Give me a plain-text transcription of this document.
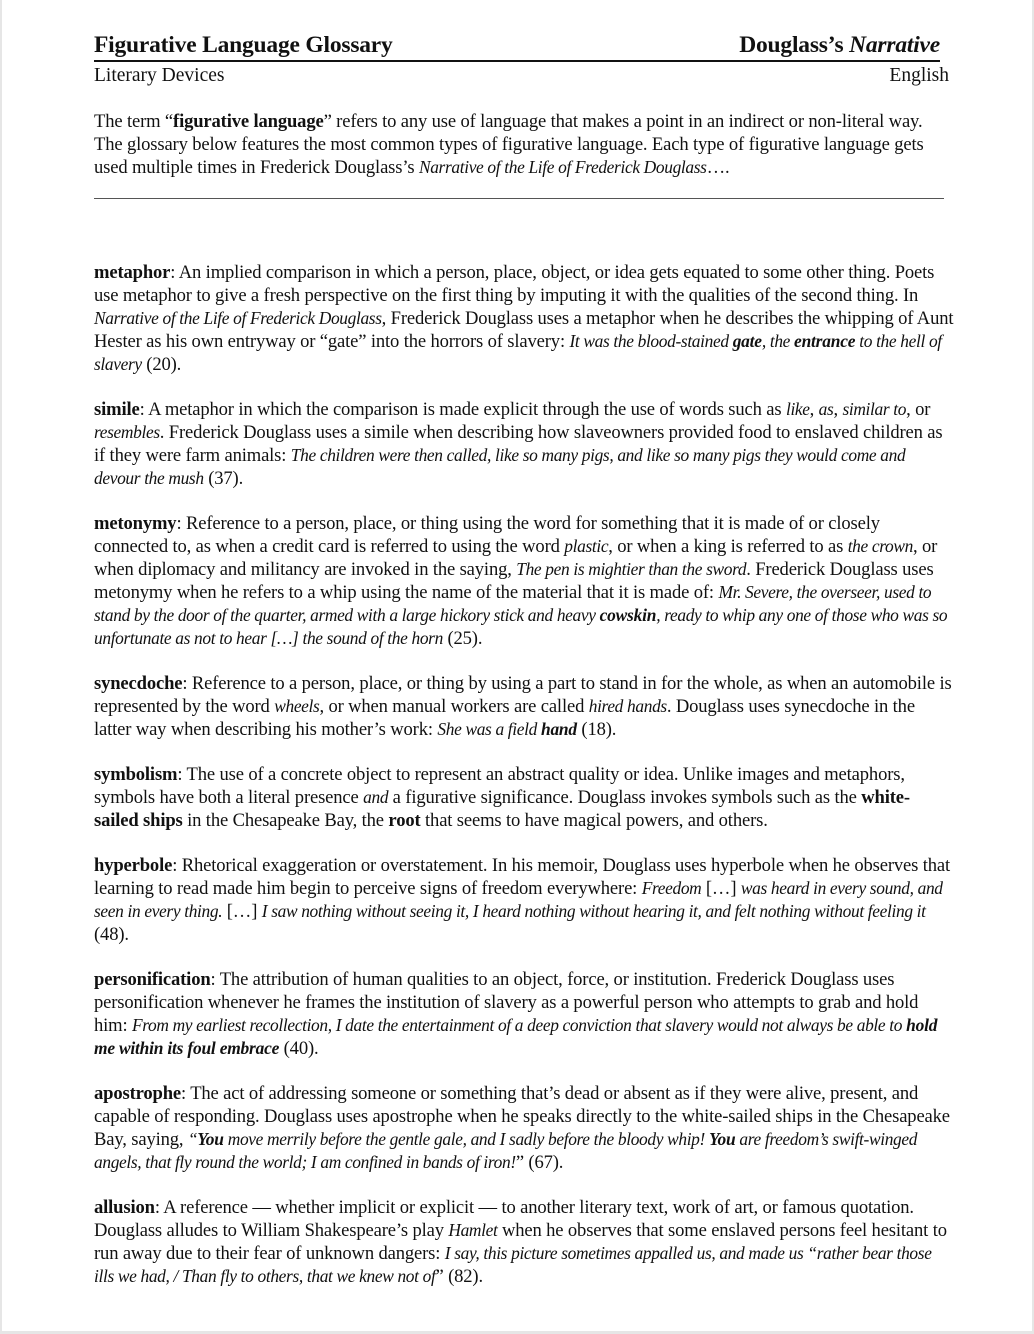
Figurative Language Glossary	Douglass’s Narrative
Literary Devices	English

The term “figurative language” refers to any use of language that makes a point in an indirect or non-literal way. The glossary below features the most common types of figurative language. Each type of figurative language gets used multiple times in Frederick Douglass’s Narrative of the Life of Frederick Douglass….

metaphor: An implied comparison in which a person, place, object, or idea gets equated to some other thing. Poets use metaphor to give a fresh perspective on the first thing by imputing it with the qualities of the second thing. In Narrative of the Life of Frederick Douglass, Frederick Douglass uses a metaphor when he describes the whipping of Aunt Hester as his own entryway or “gate” into the horrors of slavery: It was the blood-stained gate, the entrance to the hell of slavery (20).

simile: A metaphor in which the comparison is made explicit through the use of words such as like, as, similar to, or resembles. Frederick Douglass uses a simile when describing how slaveowners provided food to enslaved children as if they were farm animals: The children were then called, like so many pigs, and like so many pigs they would come and devour the mush (37).

metonymy: Reference to a person, place, or thing using the word for something that it is made of or closely connected to, as when a credit card is referred to using the word plastic, or when a king is referred to as the crown, or when diplomacy and militancy are invoked in the saying, The pen is mightier than the sword. Frederick Douglass uses metonymy when he refers to a whip using the name of the material that it is made of: Mr. Severe, the overseer, used to stand by the door of the quarter, armed with a large hickory stick and heavy cowskin, ready to whip any one of those who was so unfortunate as not to hear […] the sound of the horn (25).

synecdoche: Reference to a person, place, or thing by using a part to stand in for the whole, as when an automobile is represented by the word wheels, or when manual workers are called hired hands. Douglass uses synecdoche in the latter way when describing his mother’s work: She was a field hand (18).

symbolism: The use of a concrete object to represent an abstract quality or idea. Unlike images and metaphors, symbols have both a literal presence and a figurative significance. Douglass invokes symbols such as the white-sailed ships in the Chesapeake Bay, the root that seems to have magical powers, and others.

hyperbole: Rhetorical exaggeration or overstatement. In his memoir, Douglass uses hyperbole when he observes that learning to read made him begin to perceive signs of freedom everywhere: Freedom […] was heard in every sound, and seen in every thing. […] I saw nothing without seeing it, I heard nothing without hearing it, and felt nothing without feeling it (48).

personification: The attribution of human qualities to an object, force, or institution. Frederick Douglass uses personification whenever he frames the institution of slavery as a powerful person who attempts to grab and hold him: From my earliest recollection, I date the entertainment of a deep conviction that slavery would not always be able to hold me within its foul embrace (40).

apostrophe: The act of addressing someone or something that’s dead or absent as if they were alive, present, and capable of responding. Douglass uses apostrophe when he speaks directly to the white-sailed ships in the Chesapeake Bay, saying, “You move merrily before the gentle gale, and I sadly before the bloody whip! You are freedom’s swift-winged angels, that fly round the world; I am confined in bands of iron!” (67).

allusion: A reference — whether implicit or explicit — to another literary text, work of art, or famous quotation. Douglass alludes to William Shakespeare’s play Hamlet when he observes that some enslaved persons feel hesitant to run away due to their fear of unknown dangers: I say, this picture sometimes appalled us, and made us “rather bear those ills we had, / Than fly to others, that we knew not of” (82).
